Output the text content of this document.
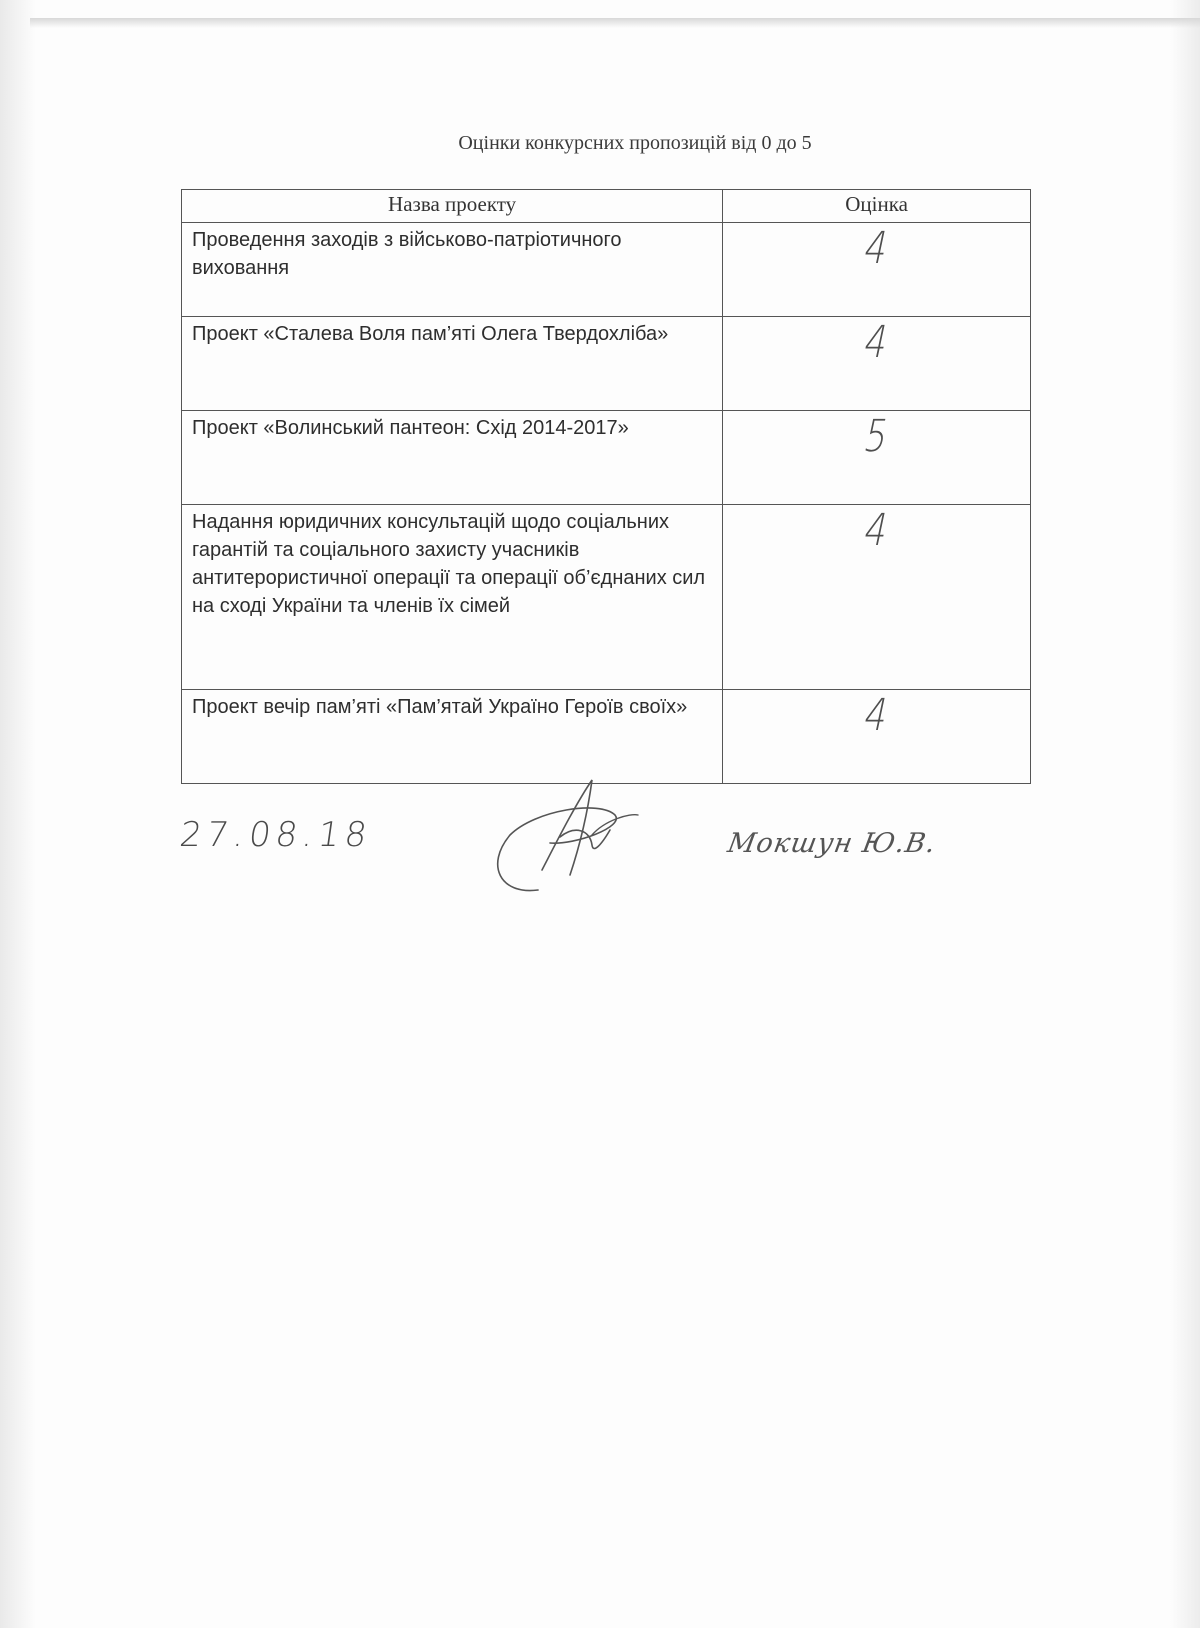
Оцінки конкурсних пропозицій від 0 до 5
Назва проекту	Оцінка
Проведення заходів з військово-патріотичного виховання	4
Проект «Сталева Воля пам’яті Олега Твердохліба»	4
Проект «Волинський пантеон: Схід 2014-2017»	5
Надання юридичних консультацій щодо соціальних гарантій та соціального захисту учасників антитерористичної операції та операції об’єднаних сил на сході України та членів їх сімей	4
Проект вечір пам’яті «Пам’ятай Україно Героїв своїх»	4
27.08.18	Мокшун Ю.В.
